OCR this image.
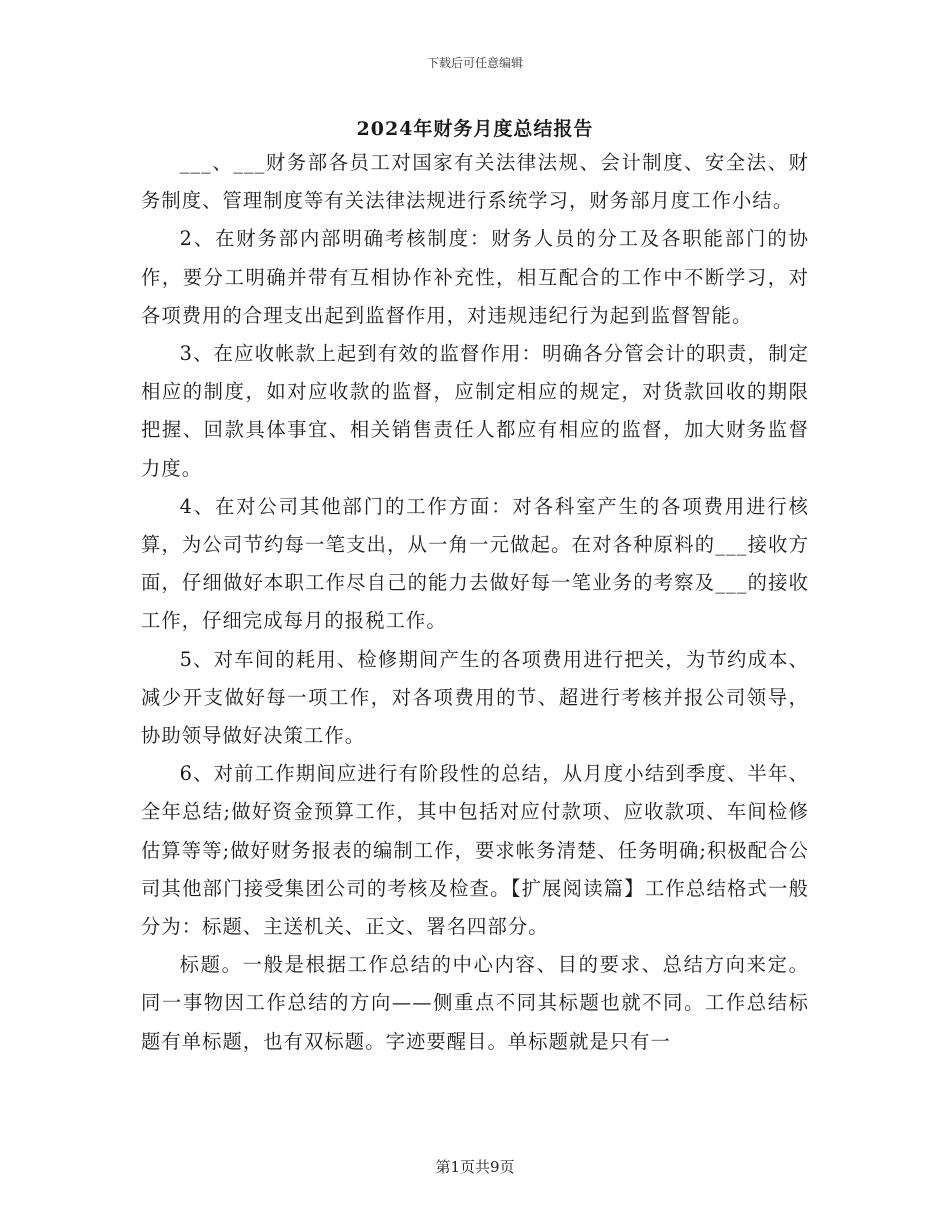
下载后可任意编辑
2024年财务月度总结报告

___、___财务部各员工对国家有关法律法规、会计制度、安全法、财务制度、管理制度等有关法律法规进行系统学习，财务部月度工作小结。

2、在财务部内部明确考核制度：财务人员的分工及各职能部门的协作，要分工明确并带有互相协作补充性，相互配合的工作中不断学习，对各项费用的合理支出起到监督作用，对违规违纪行为起到监督智能。

3、在应收帐款上起到有效的监督作用：明确各分管会计的职责，制定相应的制度，如对应收款的监督，应制定相应的规定，对货款回收的期限把握、回款具体事宜、相关销售责任人都应有相应的监督，加大财务监督力度。

4、在对公司其他部门的工作方面：对各科室产生的各项费用进行核算，为公司节约每一笔支出，从一角一元做起。在对各种原料的___接收方面，仔细做好本职工作尽自己的能力去做好每一笔业务的考察及___的接收工作，仔细完成每月的报税工作。

5、对车间的耗用、检修期间产生的各项费用进行把关，为节约成本、减少开支做好每一项工作，对各项费用的节、超进行考核并报公司领导，协助领导做好决策工作。

6、对前工作期间应进行有阶段性的总结，从月度小结到季度、半年、全年总结;做好资金预算工作，其中包括对应付款项、应收款项、车间检修估算等等;做好财务报表的编制工作，要求帐务清楚、任务明确;积极配合公司其他部门接受集团公司的考核及检查。【扩展阅读篇】工作总结格式一般分为：标题、主送机关、正文、署名四部分。

标题。一般是根据工作总结的中心内容、目的要求、总结方向来定。同一事物因工作总结的方向——侧重点不同其标题也就不同。工作总结标题有单标题，也有双标题。字迹要醒目。单标题就是只有一

第1页共9页
